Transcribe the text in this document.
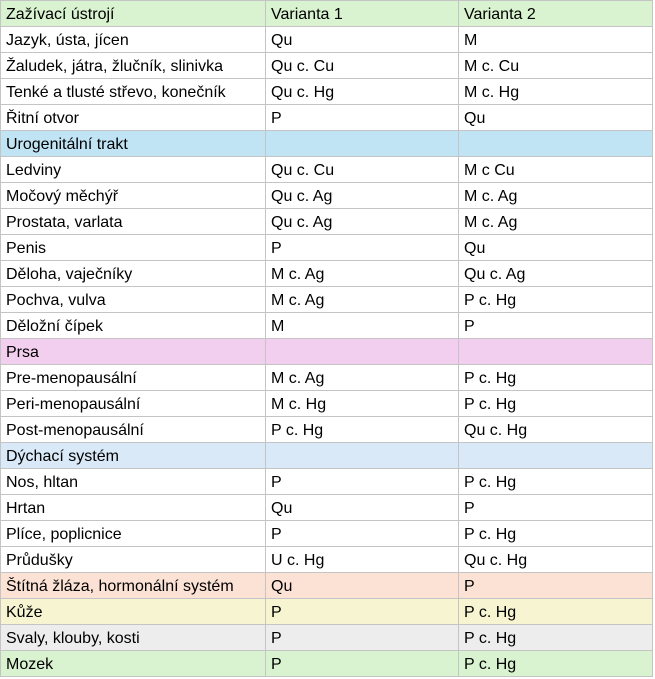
Zažívací ústrojí	Varianta 1	Varianta 2
Jazyk, ústa, jícen	Qu	M
Žaludek, játra, žlučník, slinivka	Qu c. Cu	M c. Cu
Tenké a tlusté střevo, konečník	Qu c. Hg	M c. Hg
Řitní otvor	P	Qu
Urogenitální trakt		
Ledviny	Qu c. Cu	M c Cu
Močový měchýř	Qu c. Ag	M c. Ag
Prostata, varlata	Qu c. Ag	M c. Ag
Penis	P	Qu
Děloha, vaječníky	M c. Ag	Qu c. Ag
Pochva, vulva	M c. Ag	P c. Hg
Děložní čípek	M	P
Prsa		
Pre-menopausální	M c. Ag	P c. Hg
Peri-menopausální	M c. Hg	P c. Hg
Post-menopausální	P c. Hg	Qu c. Hg
Dýchací systém		
Nos, hltan	P	P c. Hg
Hrtan	Qu	P
Plíce, poplicnice	P	P c. Hg
Průdušky	U c. Hg	Qu c. Hg
Štítná žláza, hormonální systém	Qu	P
Kůže	P	P c. Hg
Svaly, klouby, kosti	P	P c. Hg
Mozek	P	P c. Hg
